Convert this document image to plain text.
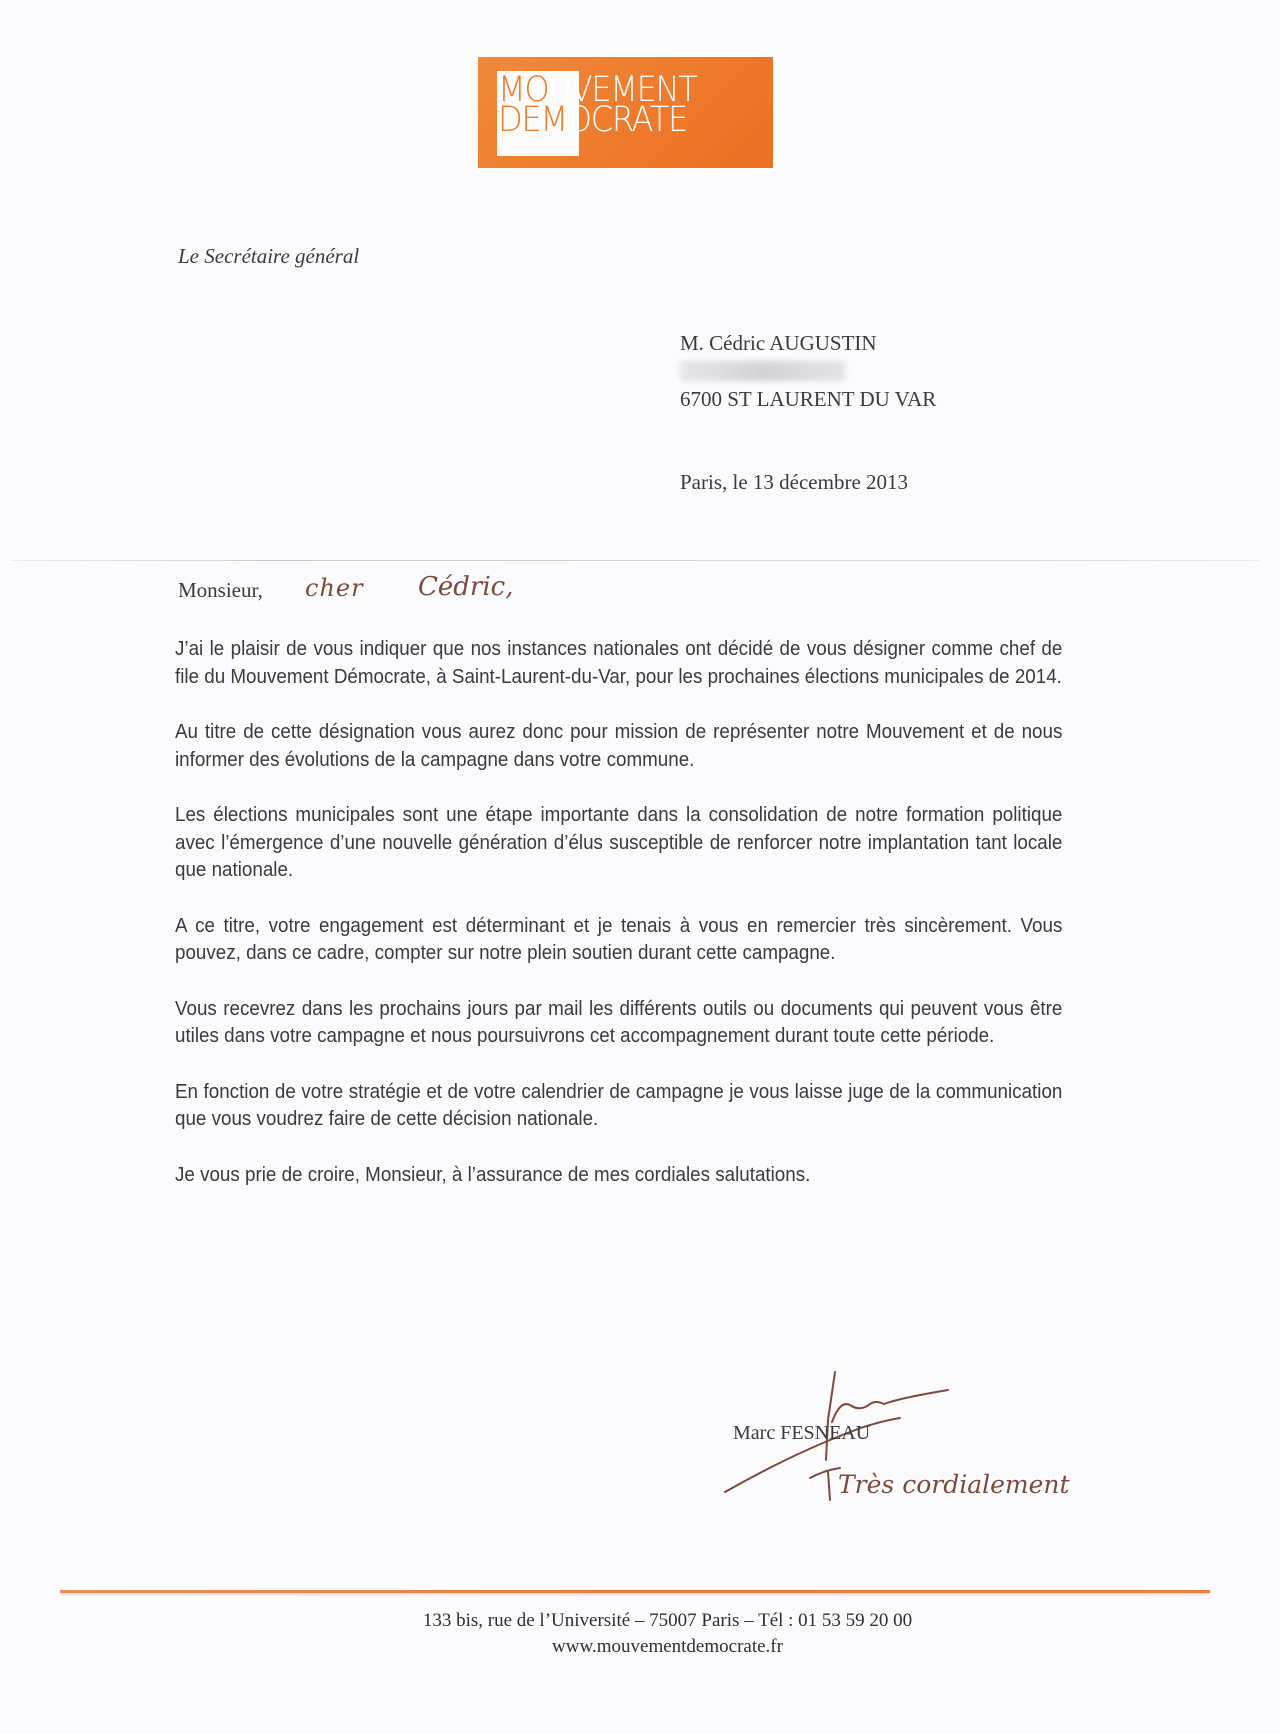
MOUVEMENT
DEMOCRATE
Le Secrétaire général
M. Cédric AUGUSTIN
6700 ST LAURENT DU VAR
Paris, le 13 décembre 2013
Monsieur, cher Cédric,

J’ai le plaisir de vous indiquer que nos instances nationales ont décidé de vous désigner comme chef de file du Mouvement Démocrate, à Saint-Laurent-du-Var, pour les prochaines élections municipales de 2014.

Au titre de cette désignation vous aurez donc pour mission de représenter notre Mouvement et de nous informer des évolutions de la campagne dans votre commune.

Les élections municipales sont une étape importante dans la consolidation de notre formation politique avec l’émergence d’une nouvelle génération d’élus susceptible de renforcer notre implantation tant locale que nationale.

A ce titre, votre engagement est déterminant et je tenais à vous en remercier très sincèrement. Vous pouvez, dans ce cadre, compter sur notre plein soutien durant cette campagne.

Vous recevrez dans les prochains jours par mail les différents outils ou documents qui peuvent vous être utiles dans votre campagne et nous poursuivrons cet accompagnement durant toute cette période.

En fonction de votre stratégie et de votre calendrier de campagne je vous laisse juge de la communication que vous voudrez faire de cette décision nationale.

Je vous prie de croire, Monsieur, à l’assurance de mes cordiales salutations.

Marc FESNEAU
Très cordialement
133 bis, rue de l’Université – 75007 Paris – Tél : 01 53 59 20 00
www.mouvementdemocrate.fr
